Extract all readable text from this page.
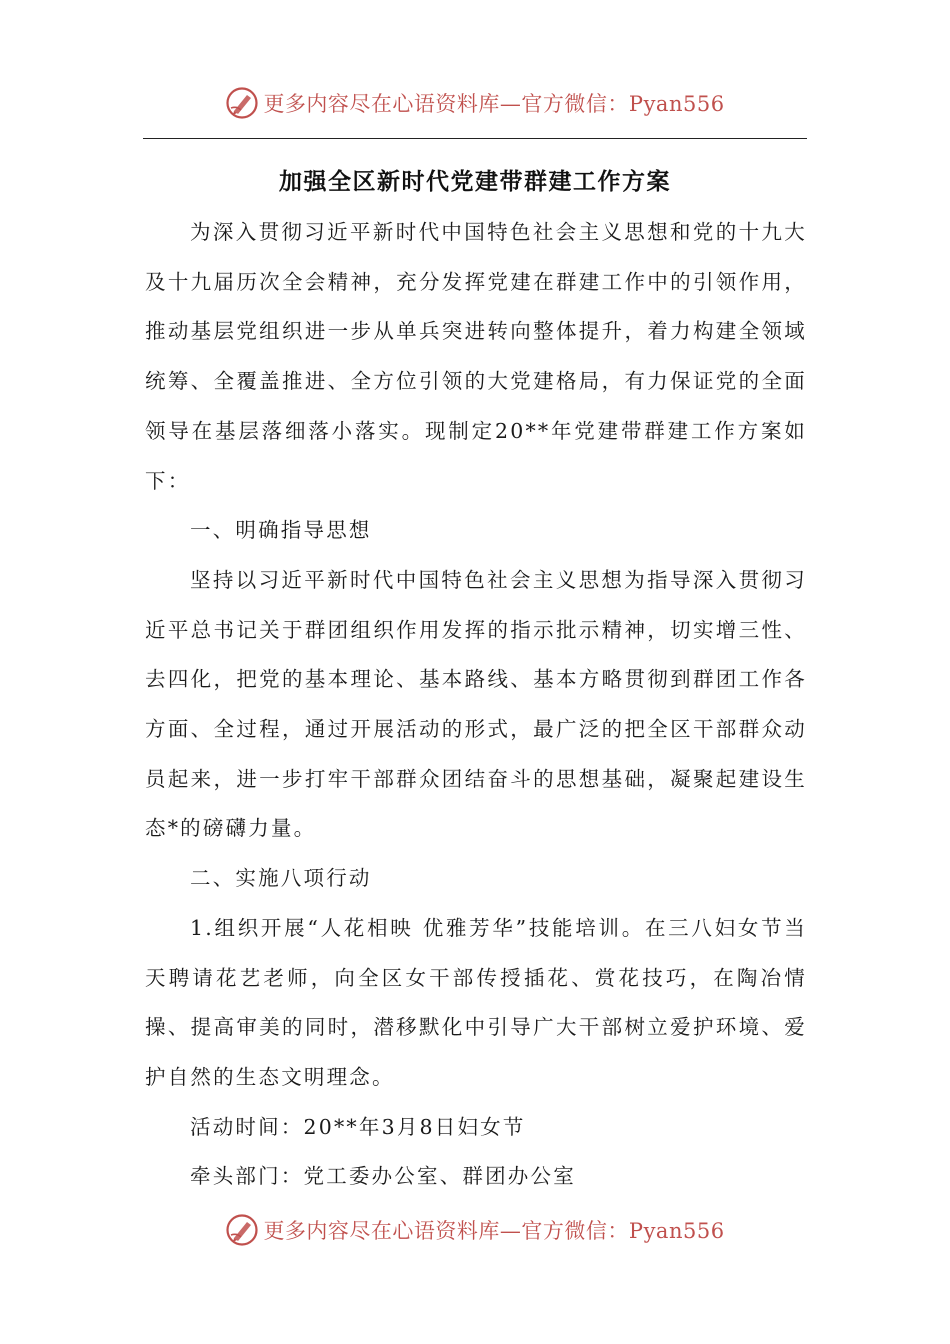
更多内容尽在心语资料库—官方微信：Pyan556
加强全区新时代党建带群建工作方案

为深入贯彻习近平新时代中国特色社会主义思想和党的十九大及十九届历次全会精神，充分发挥党建在群建工作中的引领作用，推动基层党组织进一步从单兵突进转向整体提升，着力构建全领域统筹、全覆盖推进、全方位引领的大党建格局，有力保证党的全面领导在基层落细落小落实。现制定20**年党建带群建工作方案如下：

一、明确指导思想

坚持以习近平新时代中国特色社会主义思想为指导深入贯彻习近平总书记关于群团组织作用发挥的指示批示精神，切实增三性、去四化，把党的基本理论、基本路线、基本方略贯彻到群团工作各方面、全过程，通过开展活动的形式，最广泛的把全区干部群众动员起来，进一步打牢干部群众团结奋斗的思想基础，凝聚起建设生态*的磅礴力量。

二、实施八项行动

1.组织开展“人花相映 优雅芳华”技能培训。在三八妇女节当天聘请花艺老师，向全区女干部传授插花、赏花技巧，在陶冶情操、提高审美的同时，潜移默化中引导广大干部树立爱护环境、爱护自然的生态文明理念。

活动时间：20**年3月8日妇女节

牵头部门：党工委办公室、群团办公室

更多内容尽在心语资料库—官方微信：Pyan556
